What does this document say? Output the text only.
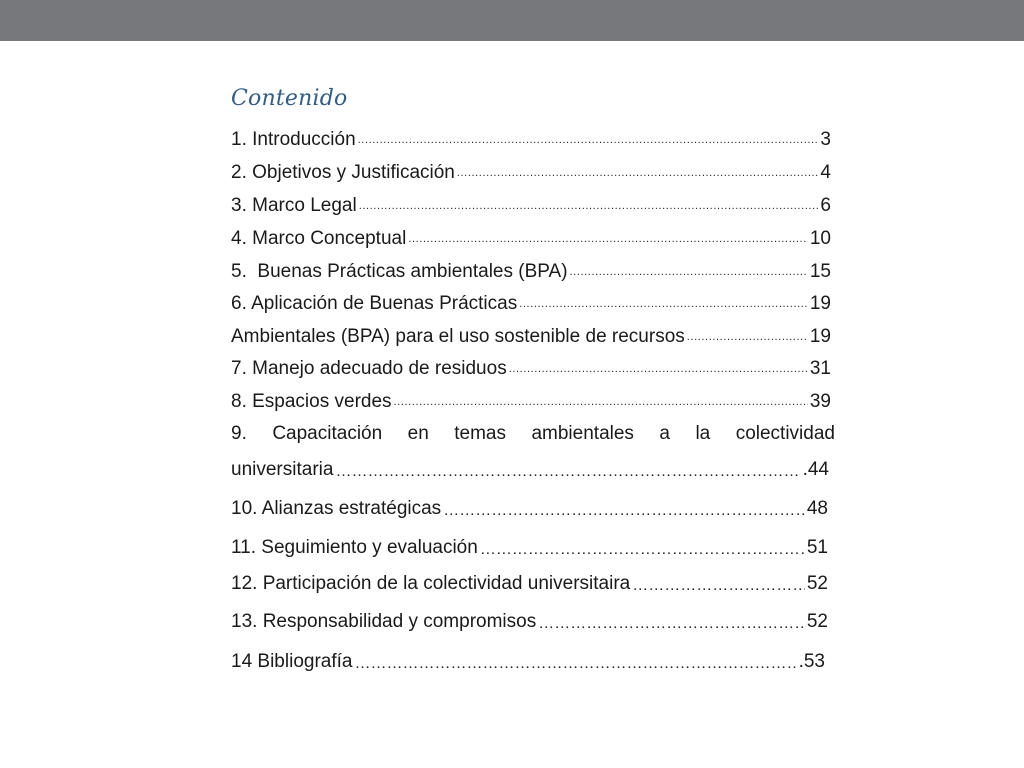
Contenido
1. Introducción .....	3
2. Objetivos y Justificación .....	4
3. Marco Legal .....	6
4. Marco Conceptual .....	10
5.  Buenas Prácticas ambientales (BPA) .....	15
6. Aplicación de Buenas Prácticas .....	19
Ambientales (BPA) para el uso sostenible de recursos .....	19
7. Manejo adecuado de residuos .....	31
8. Espacios verdes .....	39
9. Capacitación en temas ambientales a la colectividad
universitaria …………………………………………………………………………………………………………………………………………………………………………………………	. 44
10. Alianzas estratégicas …………………………………………………………………………………………………………………………………………………………………………………………	48
11. Seguimiento y evaluación …………………………………………………………………………………………………………………………………………………………………………………………	51
12. Participación de la colectividad universitaira …………………………………………………………………………………………………………………………………………………………………………………………	52
13. Responsabilidad y compromisos …………………………………………………………………………………………………………………………………………………………………………………………	52
14 Bibliografía …………………………………………………………………………………………………………………………………………………………………………………………	. 53
